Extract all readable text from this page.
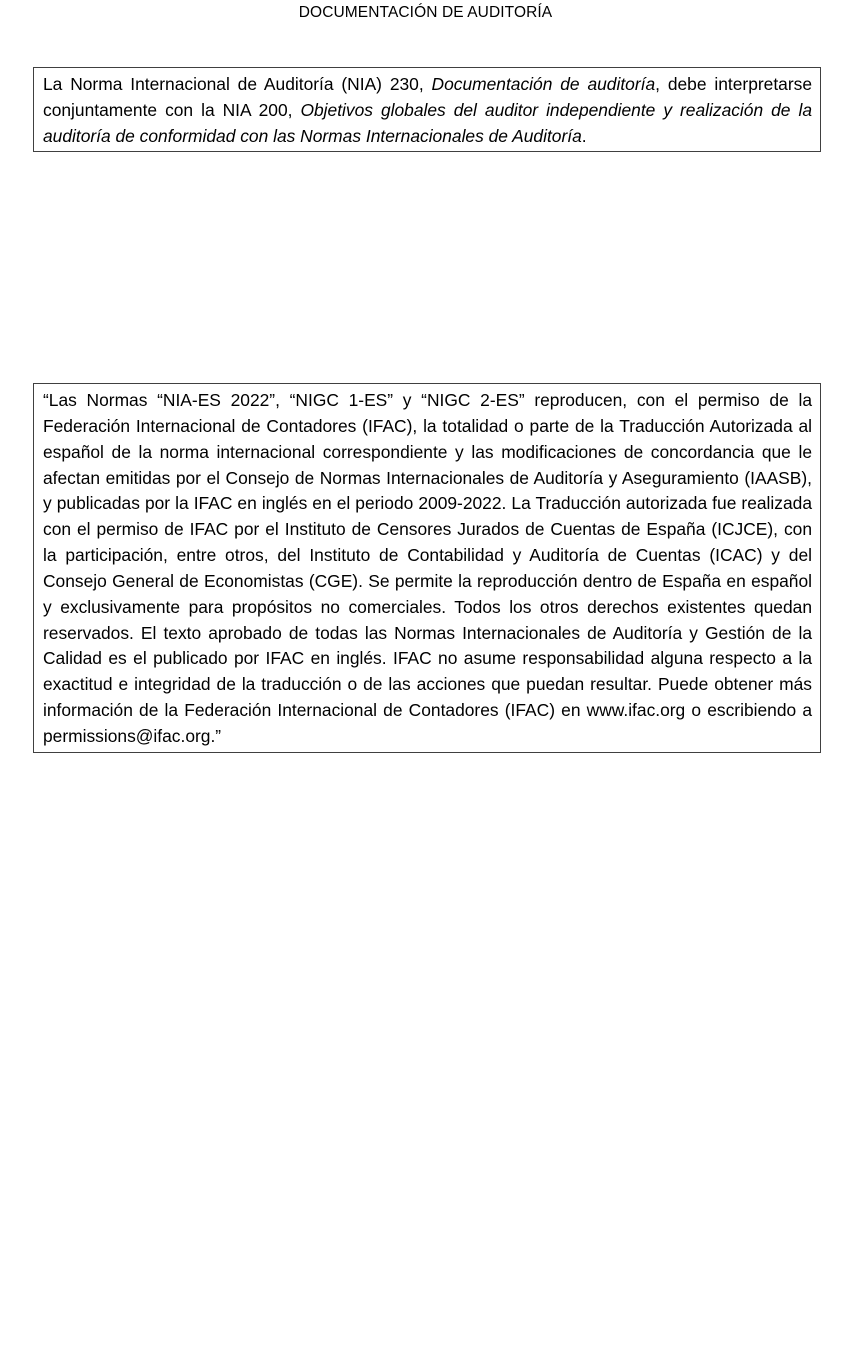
DOCUMENTACIÓN DE AUDITORÍA

La Norma Internacional de Auditoría (NIA) 230, Documentación de auditoría, debe interpretarse conjuntamente con la NIA 200, Objetivos globales del auditor independiente y realización de la auditoría de conformidad con las Normas Internacionales de Auditoría.

“Las Normas “NIA-ES 2022”, “NIGC 1-ES” y “NIGC 2-ES” reproducen, con el permiso de la Federación Internacional de Contadores (IFAC), la totalidad o parte de la Traducción Autorizada al español de la norma internacional correspondiente y las modificaciones de concordancia que le afectan emitidas por el Consejo de Normas Internacionales de Auditoría y Aseguramiento (IAASB), y publicadas por la IFAC en inglés en el periodo 2009-2022. La Traducción autorizada fue realizada con el permiso de IFAC por el Instituto de Censores Jurados de Cuentas de España (ICJCE), con la participación, entre otros, del Instituto de Contabilidad y Auditoría de Cuentas (ICAC) y del Consejo General de Economistas (CGE). Se permite la reproducción dentro de España en español y exclusivamente para propósitos no comerciales. Todos los otros derechos existentes quedan reservados. El texto aprobado de todas las Normas Internacionales de Auditoría y Gestión de la Calidad es el publicado por IFAC en inglés. IFAC no asume responsabilidad alguna respecto a la exactitud e integridad de la traducción o de las acciones que puedan resultar. Puede obtener más información de la Federación Internacional de Contadores (IFAC) en www.ifac.org o escribiendo a permissions@ifac.org.”
